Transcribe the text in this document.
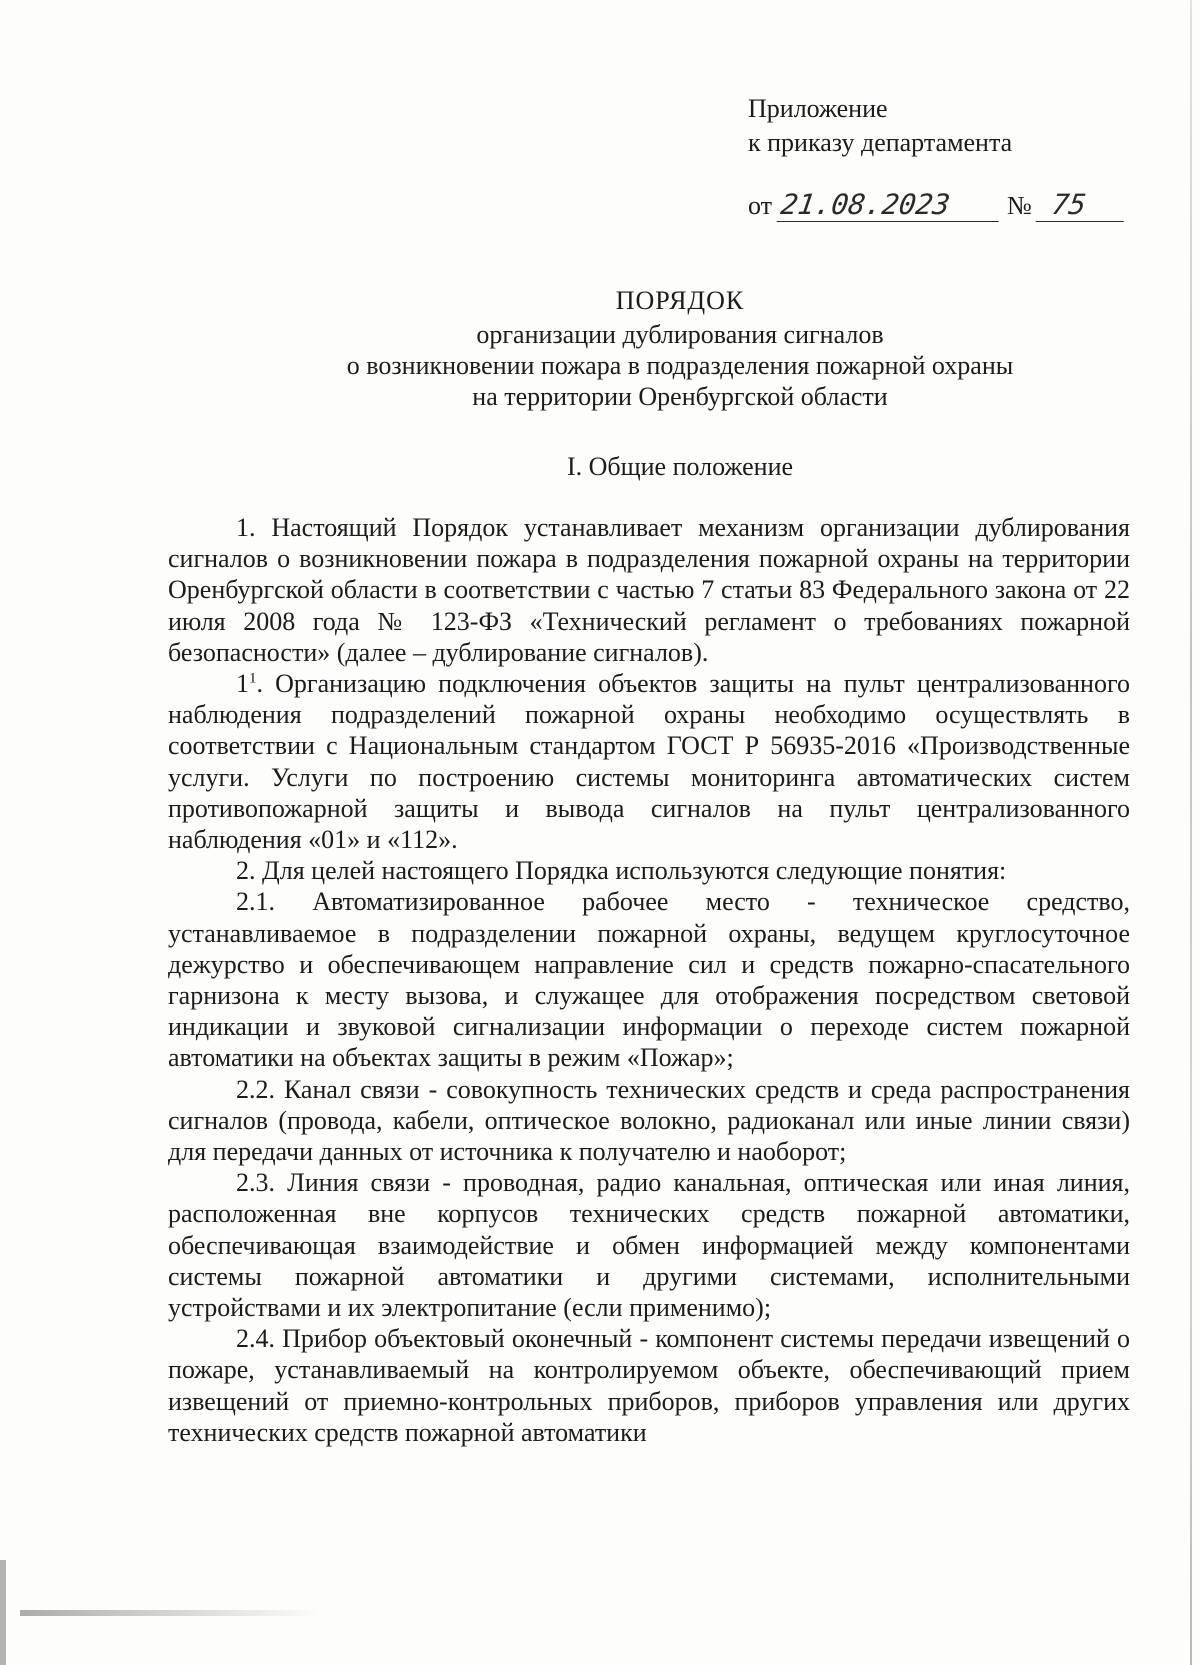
Приложение
к приказу департамента
от 21.08.2023 № 75
ПОРЯДОК
организации дублирования сигналов
о возникновении пожара в подразделения пожарной охраны
на территории Оренбургской области
I. Общие положение

1. Настоящий Порядок устанавливает механизм организации дублирования сигналов о возникновении пожара в подразделения пожарной охраны на территории Оренбургской области в соответствии с частью 7 статьи 83 Федерального закона от 22 июля 2008 года № 123-ФЗ «Технический регламент о требованиях пожарной безопасности» (далее – дублирование сигналов).

$1^1$. Организацию подключения объектов защиты на пульт централизованного наблюдения подразделений пожарной охраны необходимо осуществлять в соответствии с Национальным стандартом ГОСТ Р 56935-2016 «Производственные услуги. Услуги по построению системы мониторинга автоматических систем противопожарной защиты и вывода сигналов на пульт централизованного наблюдения «01» и «112».

2. Для целей настоящего Порядка используются следующие понятия:

2.1. Автоматизированное рабочее место - техническое средство, устанавливаемое в подразделении пожарной охраны, ведущем круглосуточное дежурство и обеспечивающем направление сил и средств пожарно-спасательного гарнизона к месту вызова, и служащее для отображения посредством световой индикации и звуковой сигнализации информации о переходе систем пожарной автоматики на объектах защиты в режим «Пожар»;

2.2. Канал связи - совокупность технических средств и среда распространения сигналов (провода, кабели, оптическое волокно, радиоканал или иные линии связи) для передачи данных от источника к получателю и наоборот;

2.3. Линия связи - проводная, радио канальная, оптическая или иная линия, расположенная вне корпусов технических средств пожарной автоматики, обеспечивающая взаимодействие и обмен информацией между компонентами системы пожарной автоматики и другими системами, исполнительными устройствами и их электропитание (если применимо);

2.4. Прибор объектовый оконечный - компонент системы передачи извещений о пожаре, устанавливаемый на контролируемом объекте, обеспечивающий прием извещений от приемно-контрольных приборов, приборов управления или других технических средств пожарной автоматики
